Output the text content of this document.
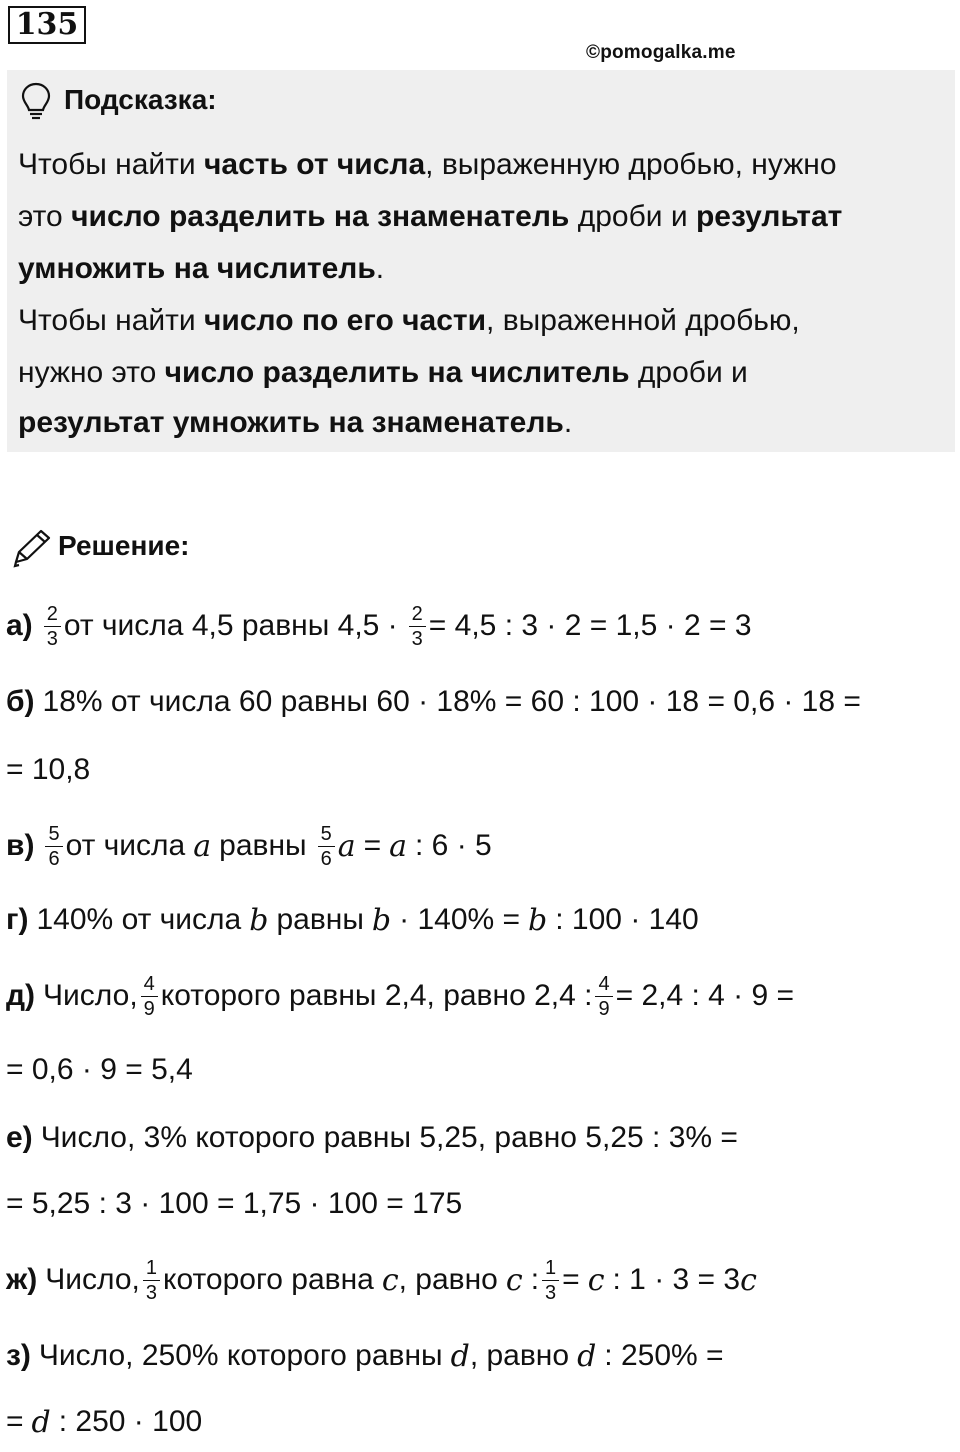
135
©pomogalka.me
Подсказка:
Чтобы найти часть от числа, выраженную дробью, нужно
это число разделить на знаменатель дроби и результат
умножить на числитель.
Чтобы найти число по его части, выраженной дробью,
нужно это число разделить на числитель дроби и
результат умножить на знаменатель.
Решение:
$а) \frac{2}{3}$ от числа 4,5 равны $4,5 \cdot \frac{2}{3} = 4,5$ : 3 · 2 = 1,5 · 2 = 3
б) 18% от числа 60 равны 60 · 18% = 60 : 100 · 18 = 0,6 · 18 =
= 10,8
$в) \frac{5}{6}$ от числа a равны $\frac{5}{6}$ a = a : 6 · 5
г) 140% от числа b равны b · 140% = b : 100 · 140
д) Число, $\frac{4}{9}$ которого равны 2,4, равно 2,4 : $\frac{4}{9} = 2,4$ : 4 · 9 =
= 0,6 · 9 = 5,4
е) Число, 3% которого равны 5,25, равно 5,25 : 3% =
= 5,25 : 3 · 100 = 1,75 · 100 = 175
ж) Число, $\frac{1}{3}$ которого равна c , равно c : $\frac{1}{3} = c$ : 1 · 3 = 3 c
з) Число, 250% которого равны d , равно d : 250% =
= d : 250 · 100
